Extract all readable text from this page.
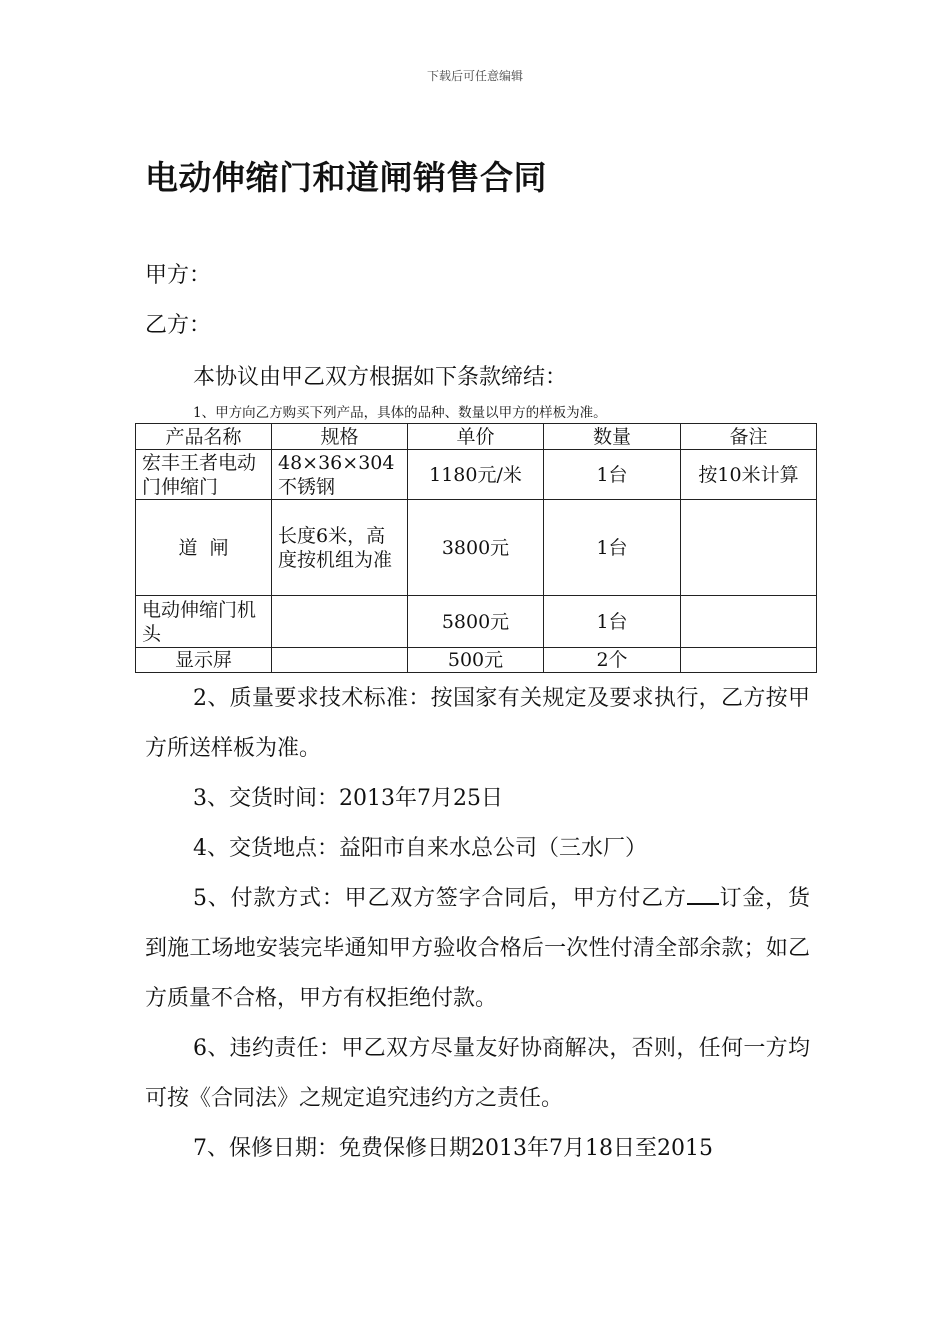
下载后可任意编辑
电动伸缩门和道闸销售合同
甲方：
乙方：
本协议由甲乙双方根据如下条款缔结：
1、甲方向乙方购买下列产品，具体的品种、数量以甲方的样板为准。
产品名称	规格	单价	数量	备注
宏丰王者电动门伸缩门	48×36×304不锈钢	1180元/米	1台	按10米计算
道  闸	长度6米，高度按机组为准	3800元	1台	
电动伸缩门机头		5800元	1台	
显示屏		500元	2个	

2、质量要求技术标准：按国家有关规定及要求执行，乙方按甲方所送样板为准。

3、交货时间：2013年7月25日

4、交货地点：益阳市自来水总公司（三水厂）

5、付款方式：甲乙双方签字合同后，甲方付乙方 订金，货到施工场地安装完毕通知甲方验收合格后一次性付清全部余款；如乙方质量不合格，甲方有权拒绝付款。

6、违约责任：甲乙双方尽量友好协商解决，否则，任何一方均可按《合同法》之规定追究违约方之责任。

7、保修日期：免费保修日期2013年7月18日至2015
